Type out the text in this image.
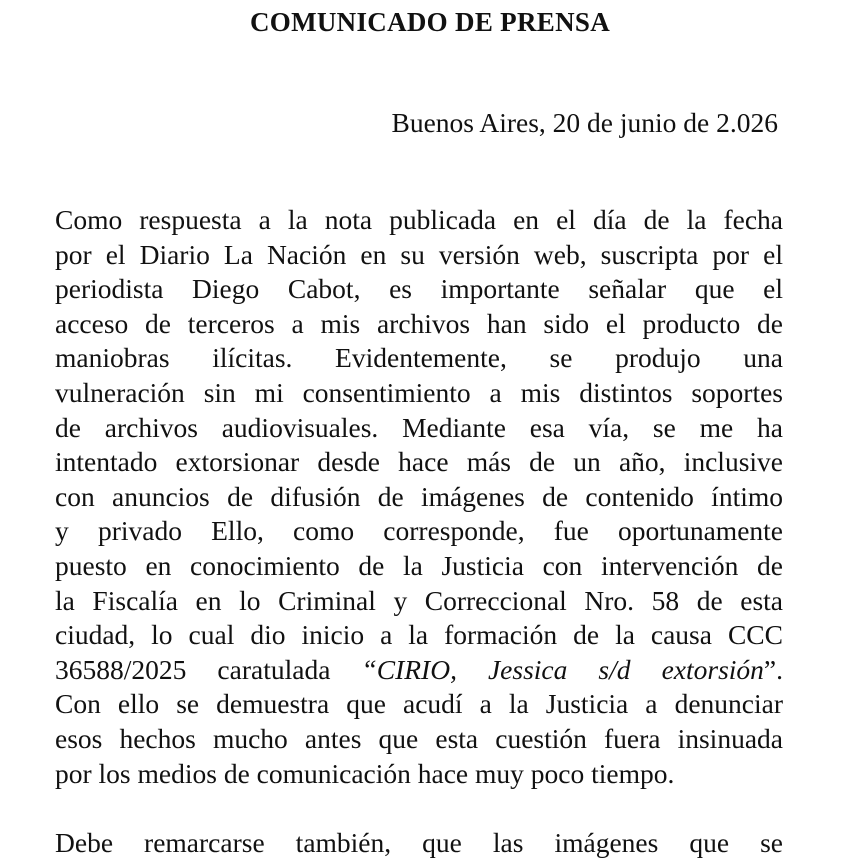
COMUNICADO DE PRENSA
Buenos Aires, 20 de junio de 2.026
Como respuesta a la nota publicada en el día de la fecha
por el Diario La Nación en su versión web, suscripta por el
periodista Diego Cabot, es importante señalar que el
acceso de terceros a mis archivos han sido el producto de
maniobras ilícitas. Evidentemente, se produjo una
vulneración sin mi consentimiento a mis distintos soportes
de archivos audiovisuales. Mediante esa vía, se me ha
intentado extorsionar desde hace más de un año, inclusive
con anuncios de difusión de imágenes de contenido íntimo
y privado Ello, como corresponde, fue oportunamente
puesto en conocimiento de la Justicia con intervención de
la Fiscalía en lo Criminal y Correccional Nro. 58 de esta
ciudad, lo cual dio inicio a la formación de la causa CCC
36588/2025 caratulada “CIRIO, Jessica s/d extorsión”.
Con ello se demuestra que acudí a la Justicia a denunciar
esos hechos mucho antes que esta cuestión fuera insinuada
por los medios de comunicación hace muy poco tiempo.
Debe remarcarse también, que las imágenes que se
